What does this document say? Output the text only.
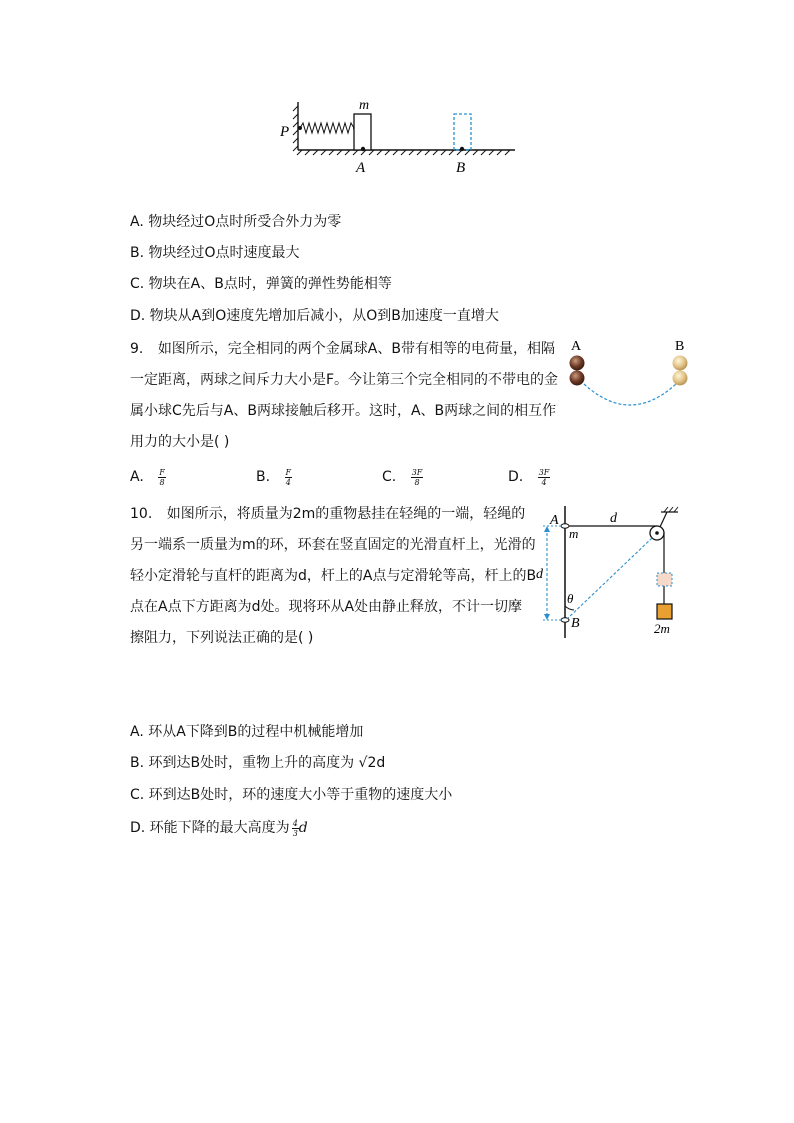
P
m
A	B
A. 物块经过O点时所受合外力为零
B. 物块经过O点时速度最大
C. 物块在A、B点时，弹簧的弹性势能相等
D. 物块从A到O速度先增加后减小，从O到B加速度一直增大
9. 如图所示，完全相同的两个金属球A、B带有相等的电荷量，相隔
一定距离，两球之间斥力大小是F。今让第三个完全相同的不带电的金
属小球C先后与A、B两球接触后移开。这时，A、B两球之间的相互作
用力的大小是( )
A	B
A. $\frac{F}{8}$	B. $\frac{F}{4}$	C. $\frac{3F}{8}$	D. $\frac{3F}{4}$
10. 如图所示，将质量为2m的重物悬挂在轻绳的一端，轻绳的
另一端系一质量为m的环，环套在竖直固定的光滑直杆上，光滑的
轻小定滑轮与直杆的距离为d，杆上的A点与定滑轮等高，杆上的B
点在A点下方距离为d处。现将环从A处由静止释放，不计一切摩
擦阻力，下列说法正确的是( )
A	d
m
d
θ
B	2m
A. 环从A下降到B的过程中机械能增加
B. 环到达B处时，重物上升的高度为 √2d
C. 环到达B处时，环的速度大小等于重物的速度大小
D. 环能下降的最大高度为 $\frac{4}{3}$ d
